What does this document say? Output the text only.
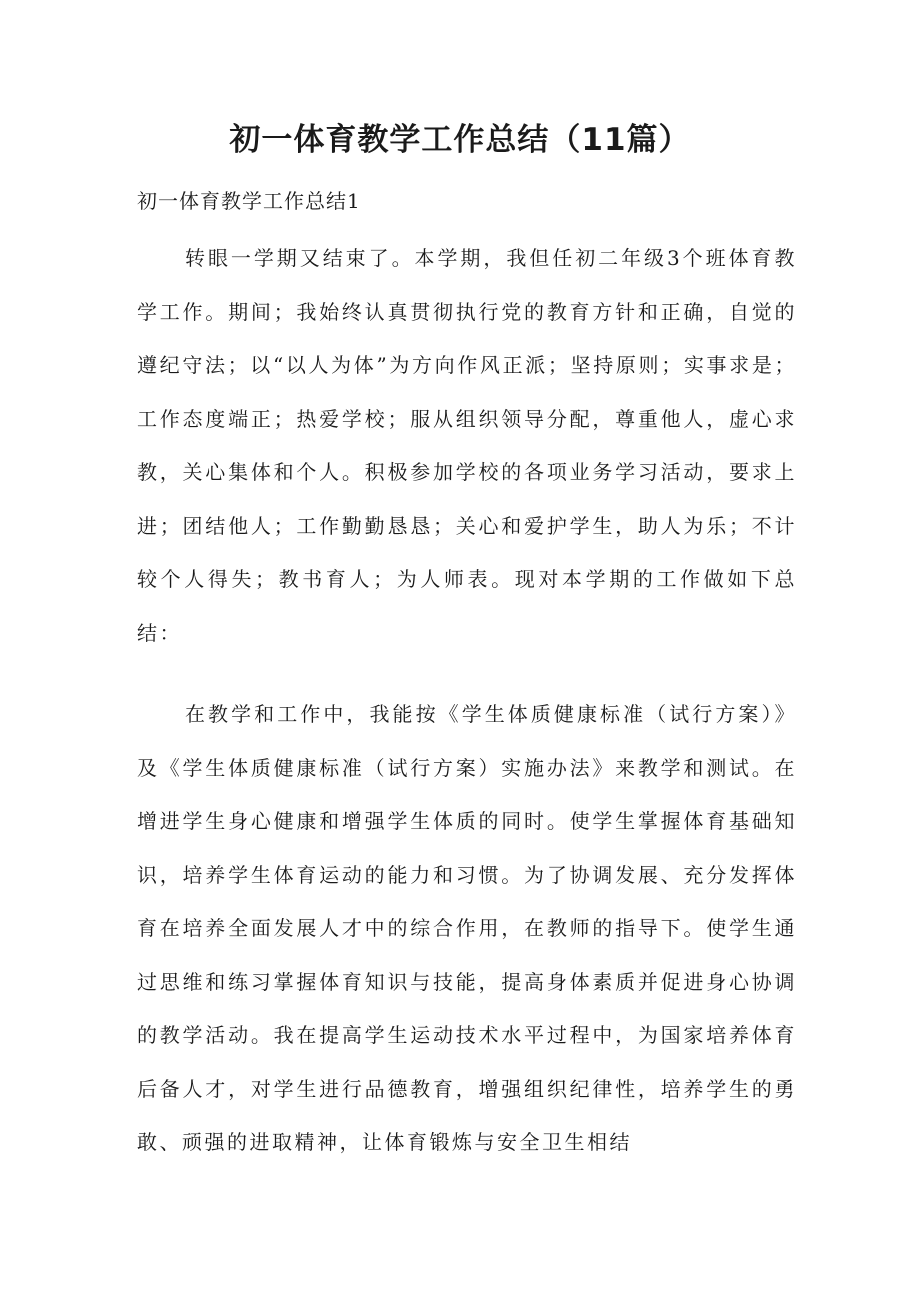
初一体育教学工作总结（11篇）

初一体育教学工作总结1

转眼一学期又结束了。本学期，我但任初二年级3个班体育教学工作。期间；我始终认真贯彻执行党的教育方针和正确，自觉的遵纪守法；以“以人为体”为方向作风正派；坚持原则；实事求是；工作态度端正；热爱学校；服从组织领导分配，尊重他人，虚心求教，关心集体和个人。积极参加学校的各项业务学习活动，要求上进；团结他人；工作勤勤恳恳；关心和爱护学生，助人为乐；不计较个人得失；教书育人；为人师表。现对本学期的工作做如下总结：

在教学和工作中，我能按《学生体质健康标准（试行方案）》及《学生体质健康标准（试行方案）实施办法》来教学和测试。在增进学生身心健康和增强学生体质的同时。使学生掌握体育基础知识，培养学生体育运动的能力和习惯。为了协调发展、充分发挥体育在培养全面发展人才中的综合作用，在教师的指导下。使学生通过思维和练习掌握体育知识与技能，提高身体素质并促进身心协调的教学活动。我在提高学生运动技术水平过程中，为国家培养体育后备人才，对学生进行品德教育，增强组织纪律性，培养学生的勇敢、顽强的进取精神，让体育锻炼与安全卫生相结
